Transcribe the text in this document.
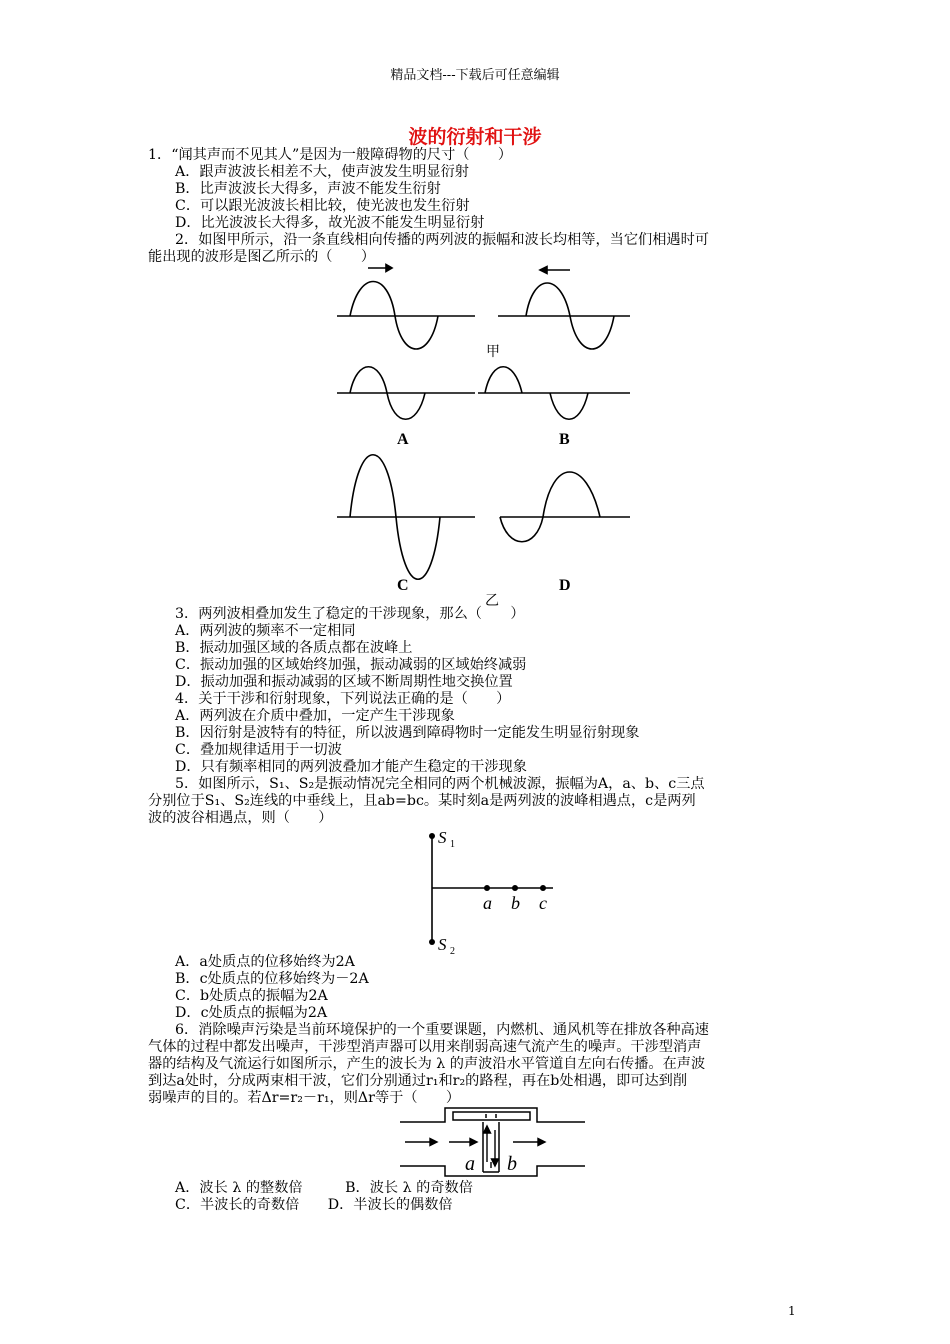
精品文档---下载后可任意编辑
波的衍射和干涉
1．“闻其声而不见其人”是因为一般障碍物的尺寸（　　）
A．跟声波波长相差不大，使声波发生明显衍射
B．比声波波长大得多，声波不能发生衍射
C．可以跟光波波长相比较，使光波也发生衍射
D．比光波波长大得多，故光波不能发生明显衍射
2．如图甲所示，沿一条直线相向传播的两列波的振幅和波长均相等，当它们相遇时可
能出现的波形是图乙所示的（　　）
甲
A	B
C	D
乙
3．两列波相叠加发生了稳定的干涉现象，那么（　　）
A．两列波的频率不一定相同
B．振动加强区域的各质点都在波峰上
C．振动加强的区域始终加强，振动减弱的区域始终减弱
D．振动加强和振动减弱的区域不断周期性地交换位置
4．关于干涉和衍射现象，下列说法正确的是（　　）
A．两列波在介质中叠加，一定产生干涉现象
B．因衍射是波特有的特征，所以波遇到障碍物时一定能发生明显衍射现象
C．叠加规律适用于一切波
D．只有频率相同的两列波叠加才能产生稳定的干涉现象
5．如图所示，S₁、S₂是振动情况完全相同的两个机械波源，振幅为A，a、b、c三点
分别位于S₁、S₂连线的中垂线上，且ab=bc。某时刻a是两列波的波峰相遇点，c是两列
波的波谷相遇点，则（　　）
S 1
S 2
a b c
A．a处质点的位移始终为2A
B．c处质点的位移始终为－2A
C．b处质点的振幅为2A
D．c处质点的振幅为2A
6．消除噪声污染是当前环境保护的一个重要课题，内燃机、通风机等在排放各种高速
气体的过程中都发出噪声，干涉型消声器可以用来削弱高速气流产生的噪声。干涉型消声
器的结构及气流运行如图所示，产生的波长为 λ 的声波沿水平管道自左向右传播。在声波
到达a处时，分成两束相干波，它们分别通过r₁和r₂的路程，再在b处相遇，即可达到削
弱噪声的目的。若Δr=r₂－r₁，则Δr等于（　　）
a b
A．波长 λ 的整数倍　　　B．波长 λ 的奇数倍
C．半波长的奇数倍　　D．半波长的偶数倍
1
